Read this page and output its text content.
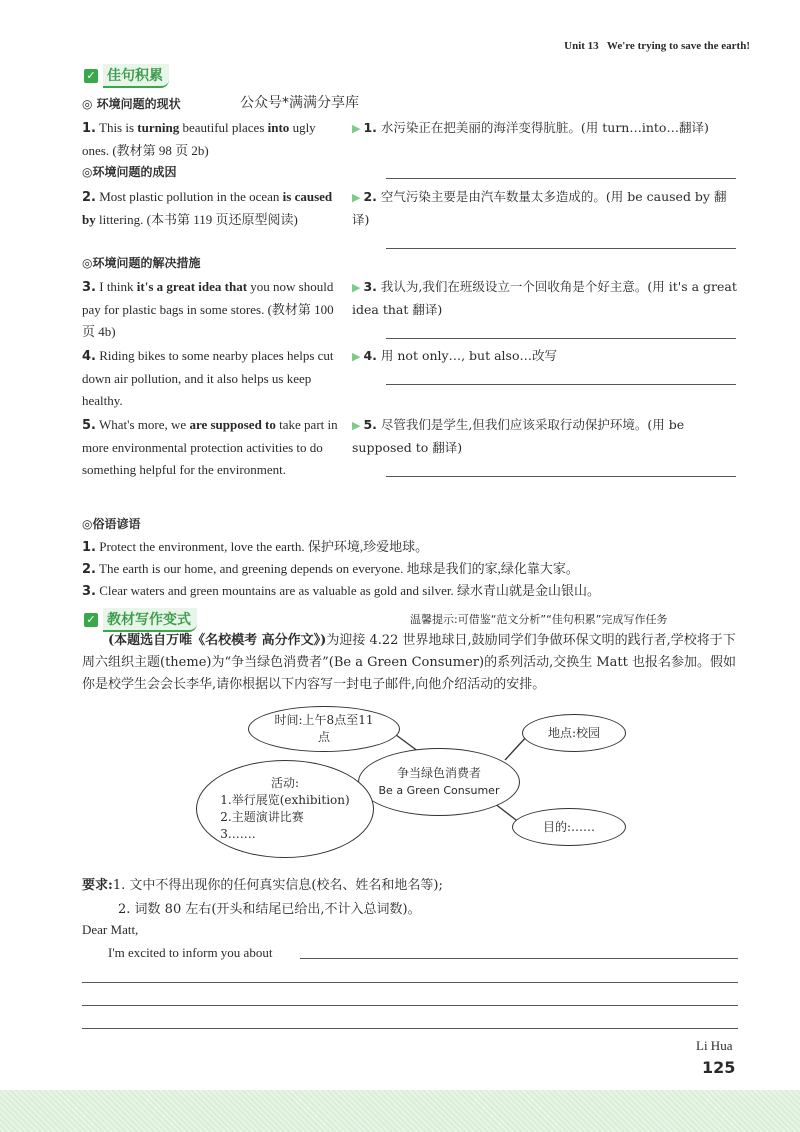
Unit 13 We're trying to save the earth!
✓ 佳句积累
◎ 环境问题的现状	公众号*满满分享库
1. This is turning beautiful places into ugly ones. (教材第 98 页 2b)
◎环境问题的成因
2. Most plastic pollution in the ocean is caused by littering. (本书第 119 页还原型阅读)
◎环境问题的解决措施
3. I think it's a great idea that you now should pay for plastic bags in some stores. (教材第 100 页 4b)
4. Riding bikes to some nearby places helps cut down air pollution, and it also helps us keep healthy.
5. What's more, we are supposed to take part in more environmental protection activities to do something helpful for the environment.
▶ 1. 水污染正在把美丽的海洋变得肮脏。(用 turn…into…翻译)
▶ 2. 空气污染主要是由汽车数量太多造成的。(用 be caused by 翻译)
▶ 3. 我认为,我们在班级设立一个回收角是个好主意。(用 it's a great idea that 翻译)
▶ 4. 用 not only…, but also…改写
▶ 5. 尽管我们是学生,但我们应该采取行动保护环境。(用 be supposed to 翻译)
◎俗语谚语
1. Protect the environment, love the earth. 保护环境,珍爱地球。
2. The earth is our home, and greening depends on everyone. 地球是我们的家,绿化靠大家。
3. Clear waters and green mountains are as valuable as gold and silver. 绿水青山就是金山银山。
✓ 教材写作变式	温馨提示:可借鉴“范文分析”“佳句积累”完成写作任务
(本题选自万唯《名校模考 高分作文》)为迎接 4.22 世界地球日,鼓励同学们争做环保文明的践行者,学校将于下周六组织主题(theme)为“争当绿色消费者”(Be a Green Consumer)的系列活动,交换生 Matt 也报名参加。假如你是校学生会会长李华,请你根据以下内容写一封电子邮件,向他介绍活动的安排。
时间:上午8点至11点	地点:校园
争当绿色消费者
Be a Green Consumer
活动:
1.举行展览(exhibition)
2.主题演讲比赛
3.……
目的:……
要求:1. 文中不得出现你的任何真实信息(校名、姓名和地名等);
2. 词数 80 左右(开头和结尾已给出,不计入总词数)。
Dear Matt,
I'm excited to inform you about
Li Hua
125
